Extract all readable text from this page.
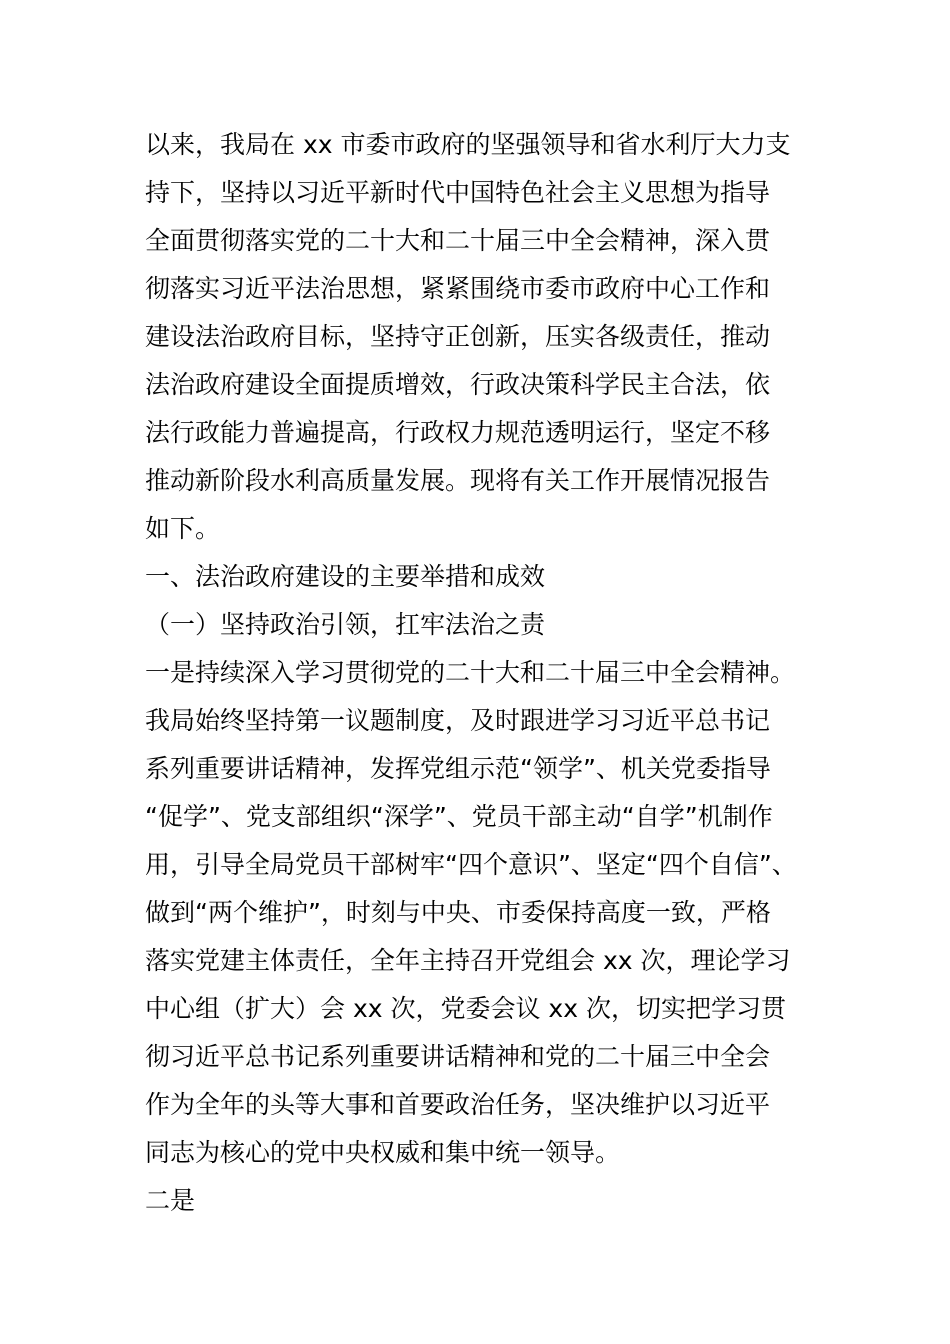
以来，我局在 xx 市委市政府的坚强领导和省水利厅大力支
持下，坚持以习近平新时代中国特色社会主义思想为指导
全面贯彻落实党的二十大和二十届三中全会精神，深入贯
彻落实习近平法治思想，紧紧围绕市委市政府中心工作和
建设法治政府目标，坚持守正创新，压实各级责任，推动
法治政府建设全面提质增效，行政决策科学民主合法，依
法行政能力普遍提高，行政权力规范透明运行，坚定不移
推动新阶段水利高质量发展。现将有关工作开展情况报告
如下。
一、法治政府建设的主要举措和成效
（一）坚持政治引领，扛牢法治之责
一是持续深入学习贯彻党的二十大和二十届三中全会精神。
我局始终坚持第一议题制度，及时跟进学习习近平总书记
系列重要讲话精神，发挥党组示范“领学”、机关党委指导
“促学”、党支部组织“深学”、党员干部主动“自学”机制作
用，引导全局党员干部树牢“四个意识”、坚定“四个自信”、
做到“两个维护”，时刻与中央、市委保持高度一致，严格
落实党建主体责任，全年主持召开党组会 xx 次，理论学习
中心组（扩大）会 xx 次，党委会议 xx 次，切实把学习贯
彻习近平总书记系列重要讲话精神和党的二十届三中全会
作为全年的头等大事和首要政治任务，坚决维护以习近平
同志为核心的党中央权威和集中统一领导。
二是
